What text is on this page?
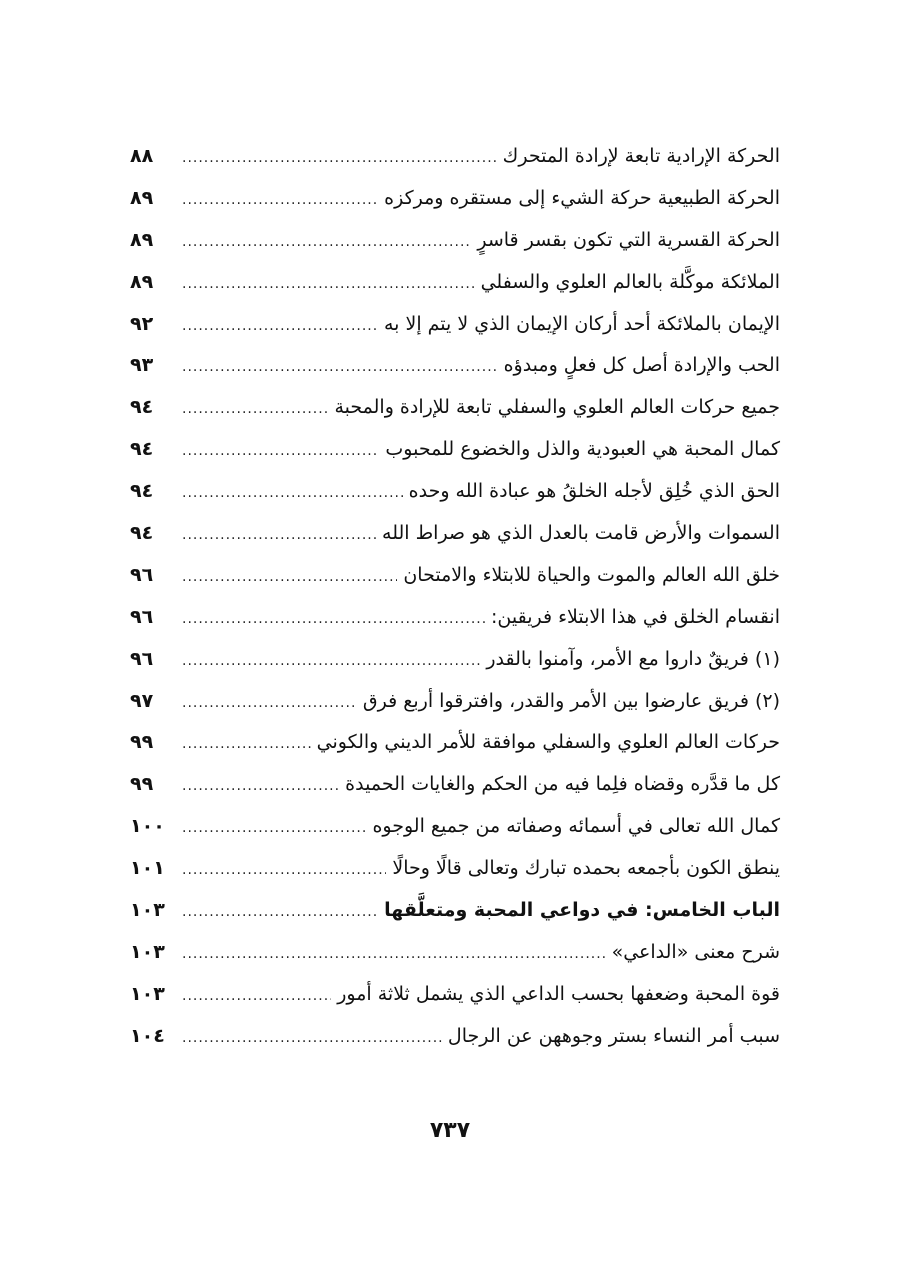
الحركة الإرادية تابعة لإرادة المتحرك
.....
٨٨
الحركة الطبيعية حركة الشيء إلى مستقره ومركزه
.....
٨٩
الحركة القسرية التي تكون بقسر قاسرٍ
.....
٨٩
الملائكة موكَّلة بالعالم العلوي والسفلي
.....
٨٩
الإيمان بالملائكة أحد أركان الإيمان الذي لا يتم إلا به
.....
٩٢
الحب والإرادة أصل كل فعلٍ ومبدؤه
.....
٩٣
جميع حركات العالم العلوي والسفلي تابعة للإرادة والمحبة
.....
٩٤
كمال المحبة هي العبودية والذل والخضوع للمحبوب
.....
٩٤
الحق الذي خُلِق لأجله الخلقُ هو عبادة الله وحده
.....
٩٤
السموات والأرض قامت بالعدل الذي هو صراط الله
.....
٩٤
خلق الله العالم والموت والحياة للابتلاء والامتحان
.....
٩٦
انقسام الخلق في هذا الابتلاء فريقين:
.....
٩٦
(١) فريقٌ داروا مع الأمر، وآمنوا بالقدر
.....
٩٦
(٢) فريق عارضوا بين الأمر والقدر، وافترقوا أربع فرق
.....
٩٧
حركات العالم العلوي والسفلي موافقة للأمر الديني والكوني
.....
٩٩
كل ما قدَّره وقضاه فلِما فيه من الحكم والغايات الحميدة
.....
٩٩
كمال الله تعالى في أسمائه وصفاته من جميع الوجوه
.....
١٠٠
ينطق الكون بأجمعه بحمده تبارك وتعالى قالًا وحالًا
.....
١٠١
الباب الخامس: في دواعي المحبة ومتعلَّقها
.....
١٠٣
شرح معنى «الداعي»
.....
١٠٣
قوة المحبة وضعفها بحسب الداعي الذي يشمل ثلاثة أمور
.....
١٠٣
سبب أمر النساء بستر وجوههن عن الرجال
.....
١٠٤
٧٣٧
